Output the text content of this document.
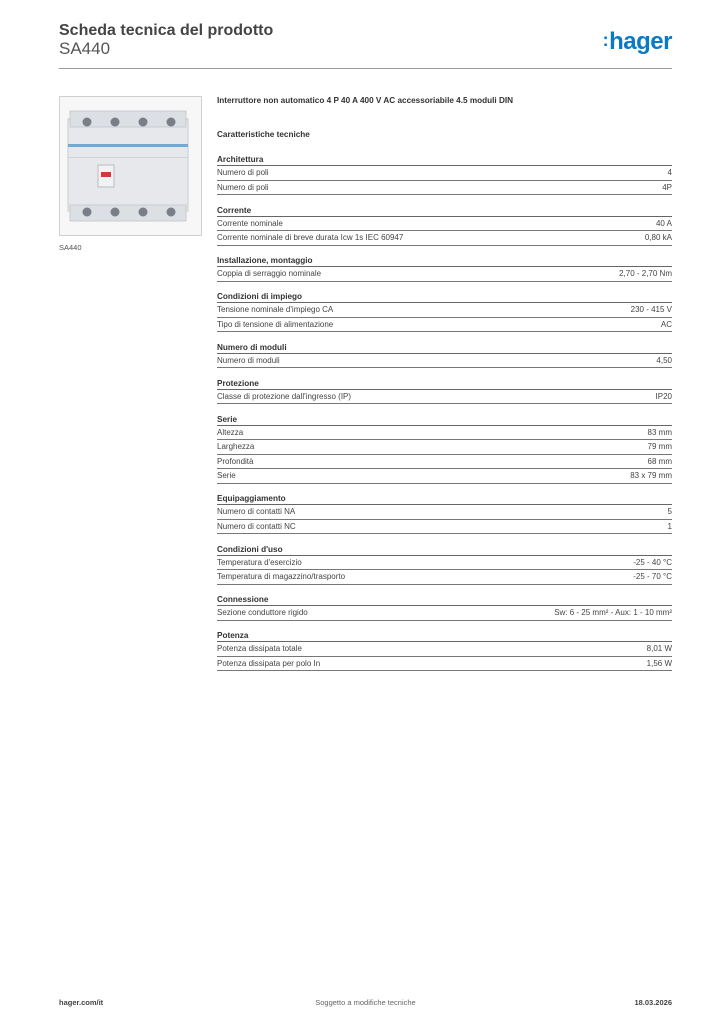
Scheda tecnica del prodotto
SA440	:hager
SA440
Interruttore non automatico 4 P 40 A 400 V AC accessoriabile 4.5 moduli DIN
Caratteristiche tecniche
Architettura
Numero di poli	4
Numero di poli	4P
Corrente
Corrente nominale	40 A
Corrente nominale di breve durata Icw 1s IEC 60947	0,80 kA
Installazione, montaggio
Coppia di serraggio nominale	2,70 - 2,70 Nm
Condizioni di impiego
Tensione nominale d'impiego CA	230 - 415 V
Tipo di tensione di alimentazione	AC
Numero di moduli
Numero di moduli	4,50
Protezione
Classe di protezione dall'ingresso (IP)	IP20
Serie
Altezza	83 mm
Larghezza	79 mm
Profondità	68 mm
Serie	83 x 79 mm
Equipaggiamento
Numero di contatti NA	5
Numero di contatti NC	1
Condizioni d'uso
Temperatura d'esercizio	-25 - 40 °C
Temperatura di magazzino/trasporto	-25 - 70 °C
Connessione
Sezione conduttore rigido	Sw: 6 - 25 mm² - Aux: 1 - 10 mm²
Potenza
Potenza dissipata totale	8,01 W
Potenza dissipata per polo In	1,56 W
Soggetto a modifiche tecniche
hager.com/it	18.03.2026
